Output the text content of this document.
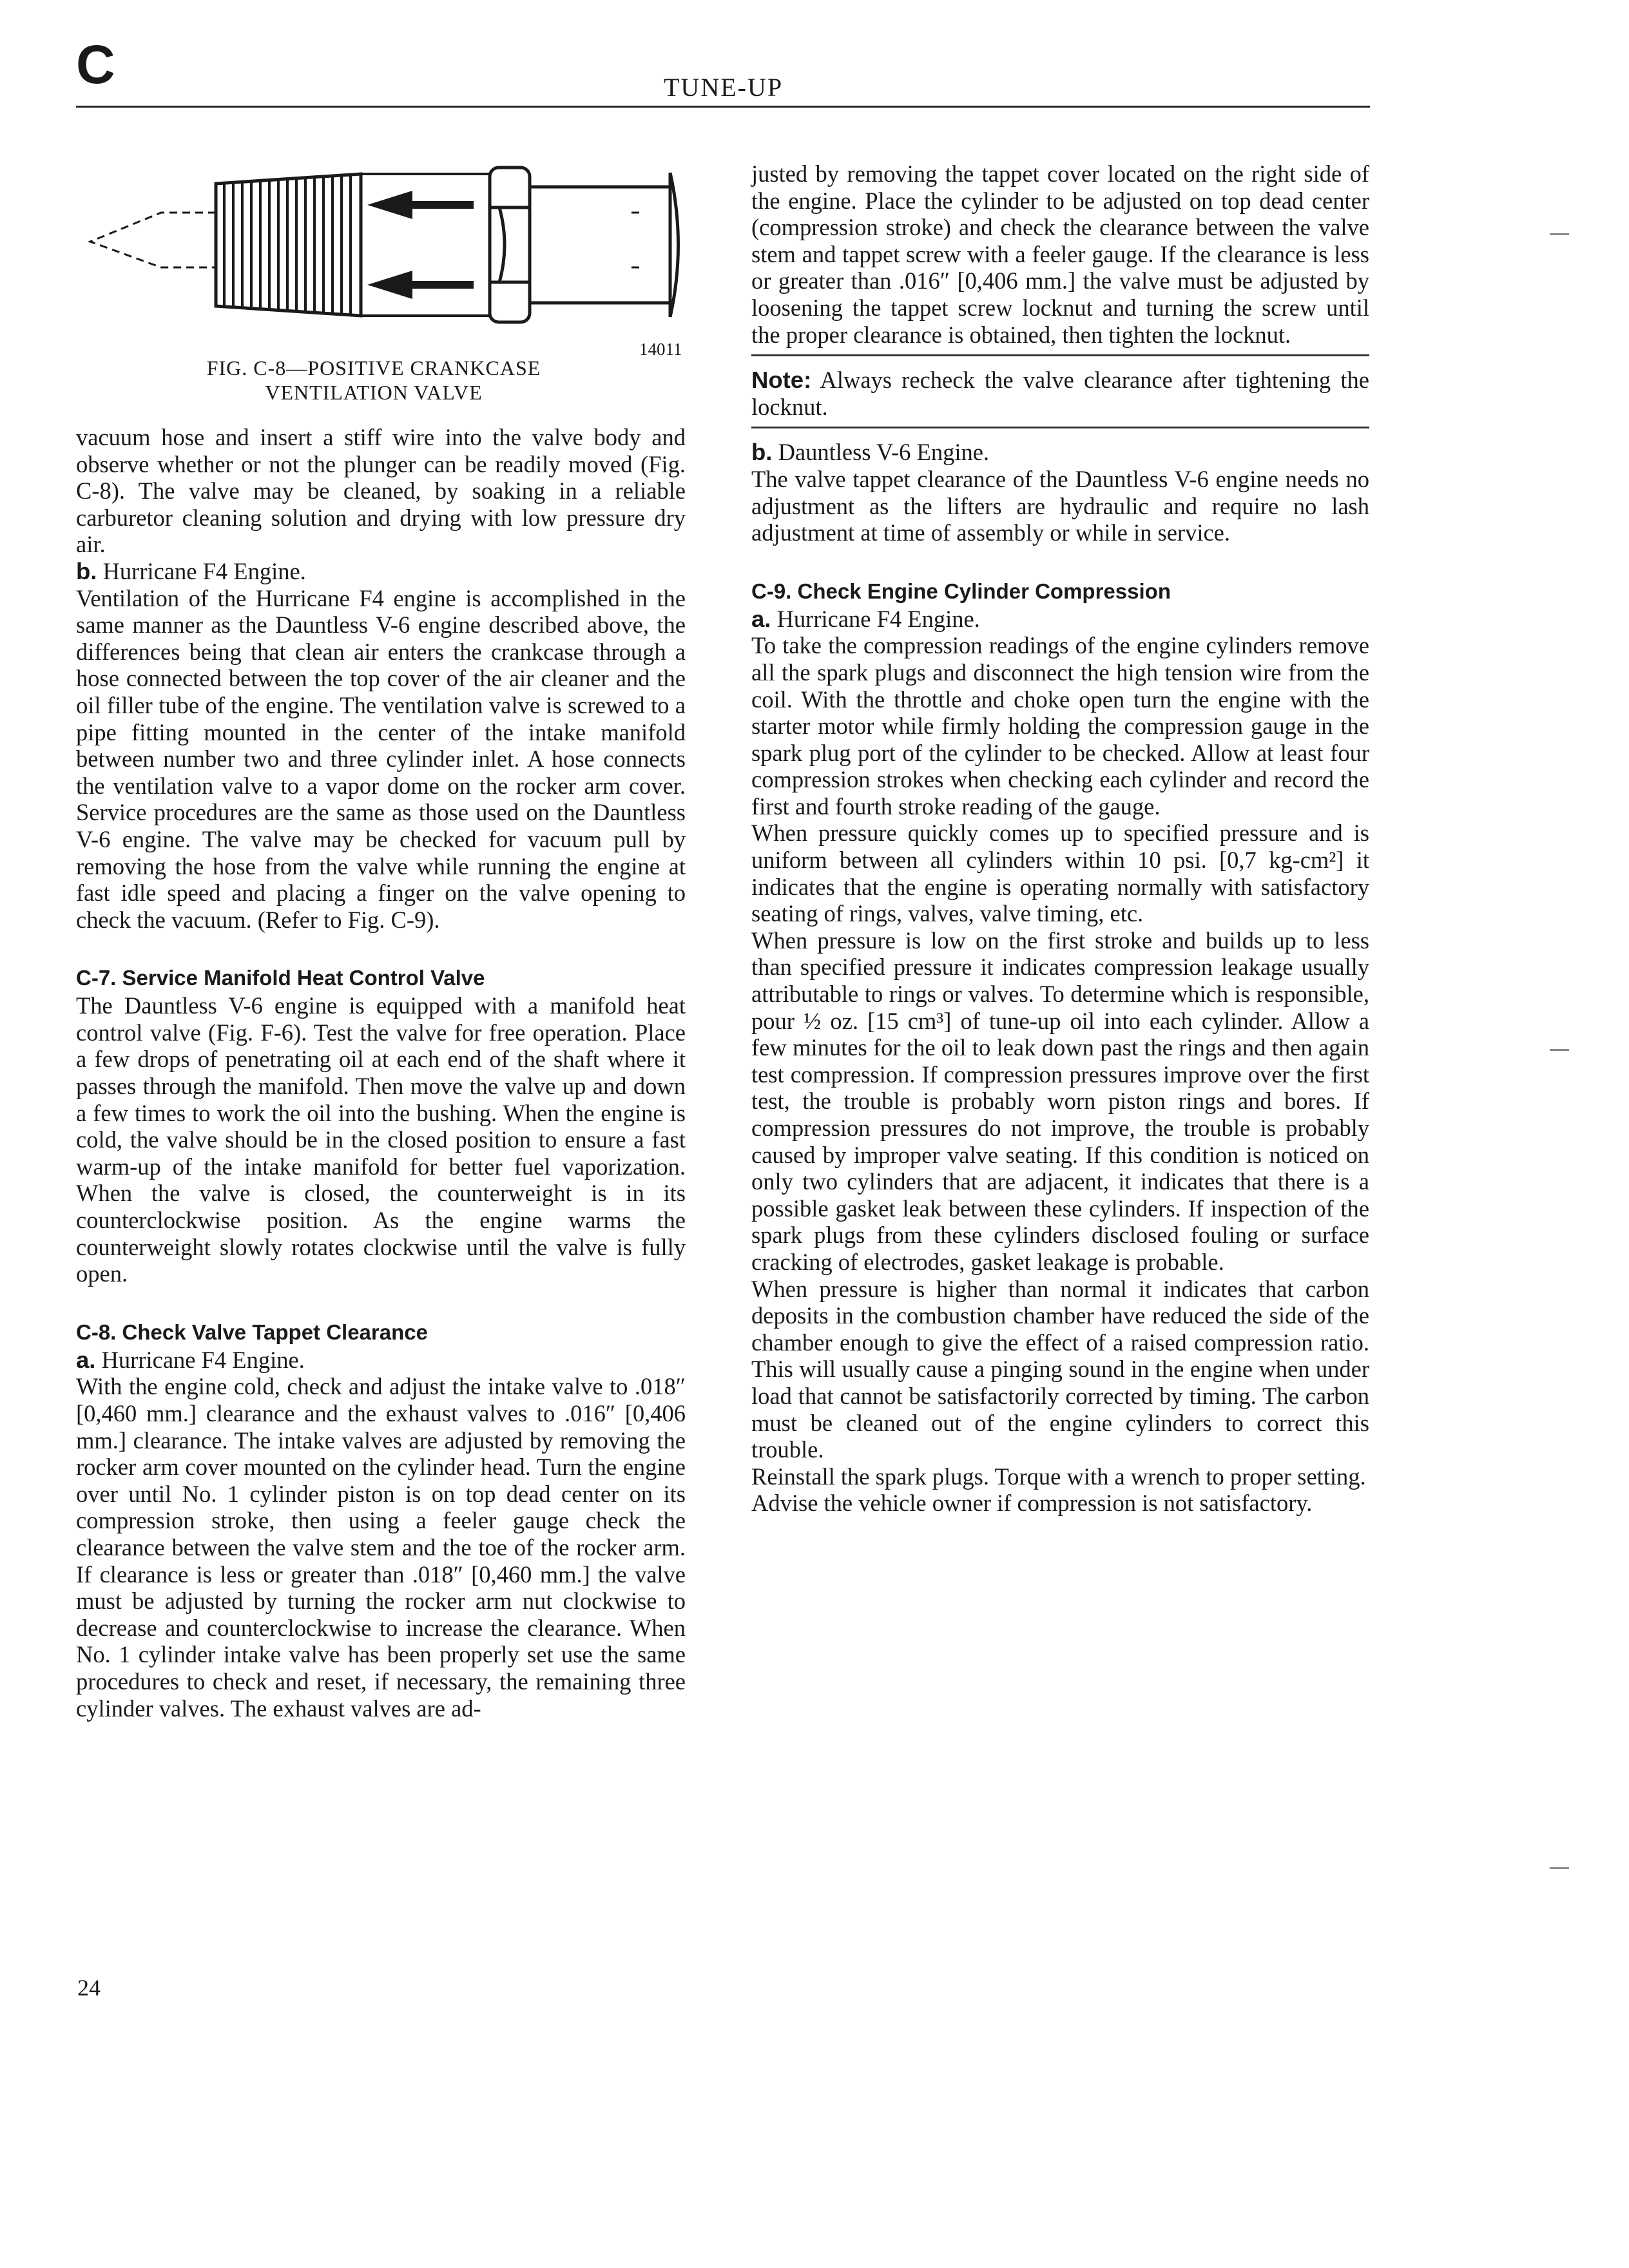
C	TUNE-UP
14011
FIG. C-8—POSITIVE CRANKCASE
VENTILATION VALVE

vacuum hose and insert a stiff wire into the valve body and observe whether or not the plunger can be readily moved (Fig. C-8). The valve may be cleaned, by soaking in a reliable carburetor cleaning solution and drying with low pressure dry air.

b. Hurricane F4 Engine.

Ventilation of the Hurricane F4 engine is accomplished in the same manner as the Dauntless V-6 engine described above, the differences being that clean air enters the crankcase through a hose connected between the top cover of the air cleaner and the oil filler tube of the engine. The ventilation valve is screwed to a pipe fitting mounted in the center of the intake manifold between number two and three cylinder inlet. A hose connects the ventilation valve to a vapor dome on the rocker arm cover. Service procedures are the same as those used on the Dauntless V-6 engine. The valve may be checked for vacuum pull by removing the hose from the valve while running the engine at fast idle speed and placing a finger on the valve opening to check the vacuum. (Refer to Fig. C-9).

C-7. Service Manifold Heat Control Valve

The Dauntless V-6 engine is equipped with a manifold heat control valve (Fig. F-6). Test the valve for free operation. Place a few drops of penetrating oil at each end of the shaft where it passes through the manifold. Then move the valve up and down a few times to work the oil into the bushing. When the engine is cold, the valve should be in the closed position to ensure a fast warm-up of the intake manifold for better fuel vaporization. When the valve is closed, the counterweight is in its counterclockwise position. As the engine warms the counterweight slowly rotates clockwise until the valve is fully open.

C-8. Check Valve Tappet Clearance

a. Hurricane F4 Engine.

With the engine cold, check and adjust the intake valve to .018″ [0,460 mm.] clearance and the exhaust valves to .016″ [0,406 mm.] clearance. The intake valves are adjusted by removing the rocker arm cover mounted on the cylinder head. Turn the engine over until No. 1 cylinder piston is on top dead center on its compression stroke, then using a feeler gauge check the clearance between the valve stem and the toe of the rocker arm. If clearance is less or greater than .018″ [0,460 mm.] the valve must be adjusted by turning the rocker arm nut clockwise to decrease and counterclockwise to increase the clearance. When No. 1 cylinder intake valve has been properly set use the same procedures to check and reset, if necessary, the remaining three cylinder valves. The exhaust valves are ad-

justed by removing the tappet cover located on the right side of the engine. Place the cylinder to be adjusted on top dead center (compression stroke) and check the clearance between the valve stem and tappet screw with a feeler gauge. If the clearance is less or greater than .016″ [0,406 mm.] the valve must be adjusted by loosening the tappet screw locknut and turning the screw until the proper clearance is obtained, then tighten the locknut.

Note: Always recheck the valve clearance after tightening the locknut.

b. Dauntless V-6 Engine.

The valve tappet clearance of the Dauntless V-6 engine needs no adjustment as the lifters are hydraulic and require no lash adjustment at time of assembly or while in service.

C-9. Check Engine Cylinder Compression

a. Hurricane F4 Engine.

To take the compression readings of the engine cylinders remove all the spark plugs and disconnect the high tension wire from the coil. With the throttle and choke open turn the engine with the starter motor while firmly holding the compression gauge in the spark plug port of the cylinder to be checked. Allow at least four compression strokes when checking each cylinder and record the first and fourth stroke reading of the gauge.

When pressure quickly comes up to specified pressure and is uniform between all cylinders within 10 psi. [0,7 kg-cm²] it indicates that the engine is operating normally with satisfactory seating of rings, valves, valve timing, etc.

When pressure is low on the first stroke and builds up to less than specified pressure it indicates compression leakage usually attributable to rings or valves. To determine which is responsible, pour ½ oz. [15 cm³] of tune-up oil into each cylinder. Allow a few minutes for the oil to leak down past the rings and then again test compression. If compression pressures improve over the first test, the trouble is probably worn piston rings and bores. If compression pressures do not improve, the trouble is probably caused by improper valve seating. If this condition is noticed on only two cylinders that are adjacent, it indicates that there is a possible gasket leak between these cylinders. If inspection of the spark plugs from these cylinders disclosed fouling or surface cracking of electrodes, gasket leakage is probable.

When pressure is higher than normal it indicates that carbon deposits in the combustion chamber have reduced the side of the chamber enough to give the effect of a raised compression ratio. This will usually cause a pinging sound in the engine when under load that cannot be satisfactorily corrected by timing. The carbon must be cleaned out of the engine cylinders to correct this trouble.

Reinstall the spark plugs. Torque with a wrench to proper setting.

Advise the vehicle owner if compression is not satisfactory.

24
